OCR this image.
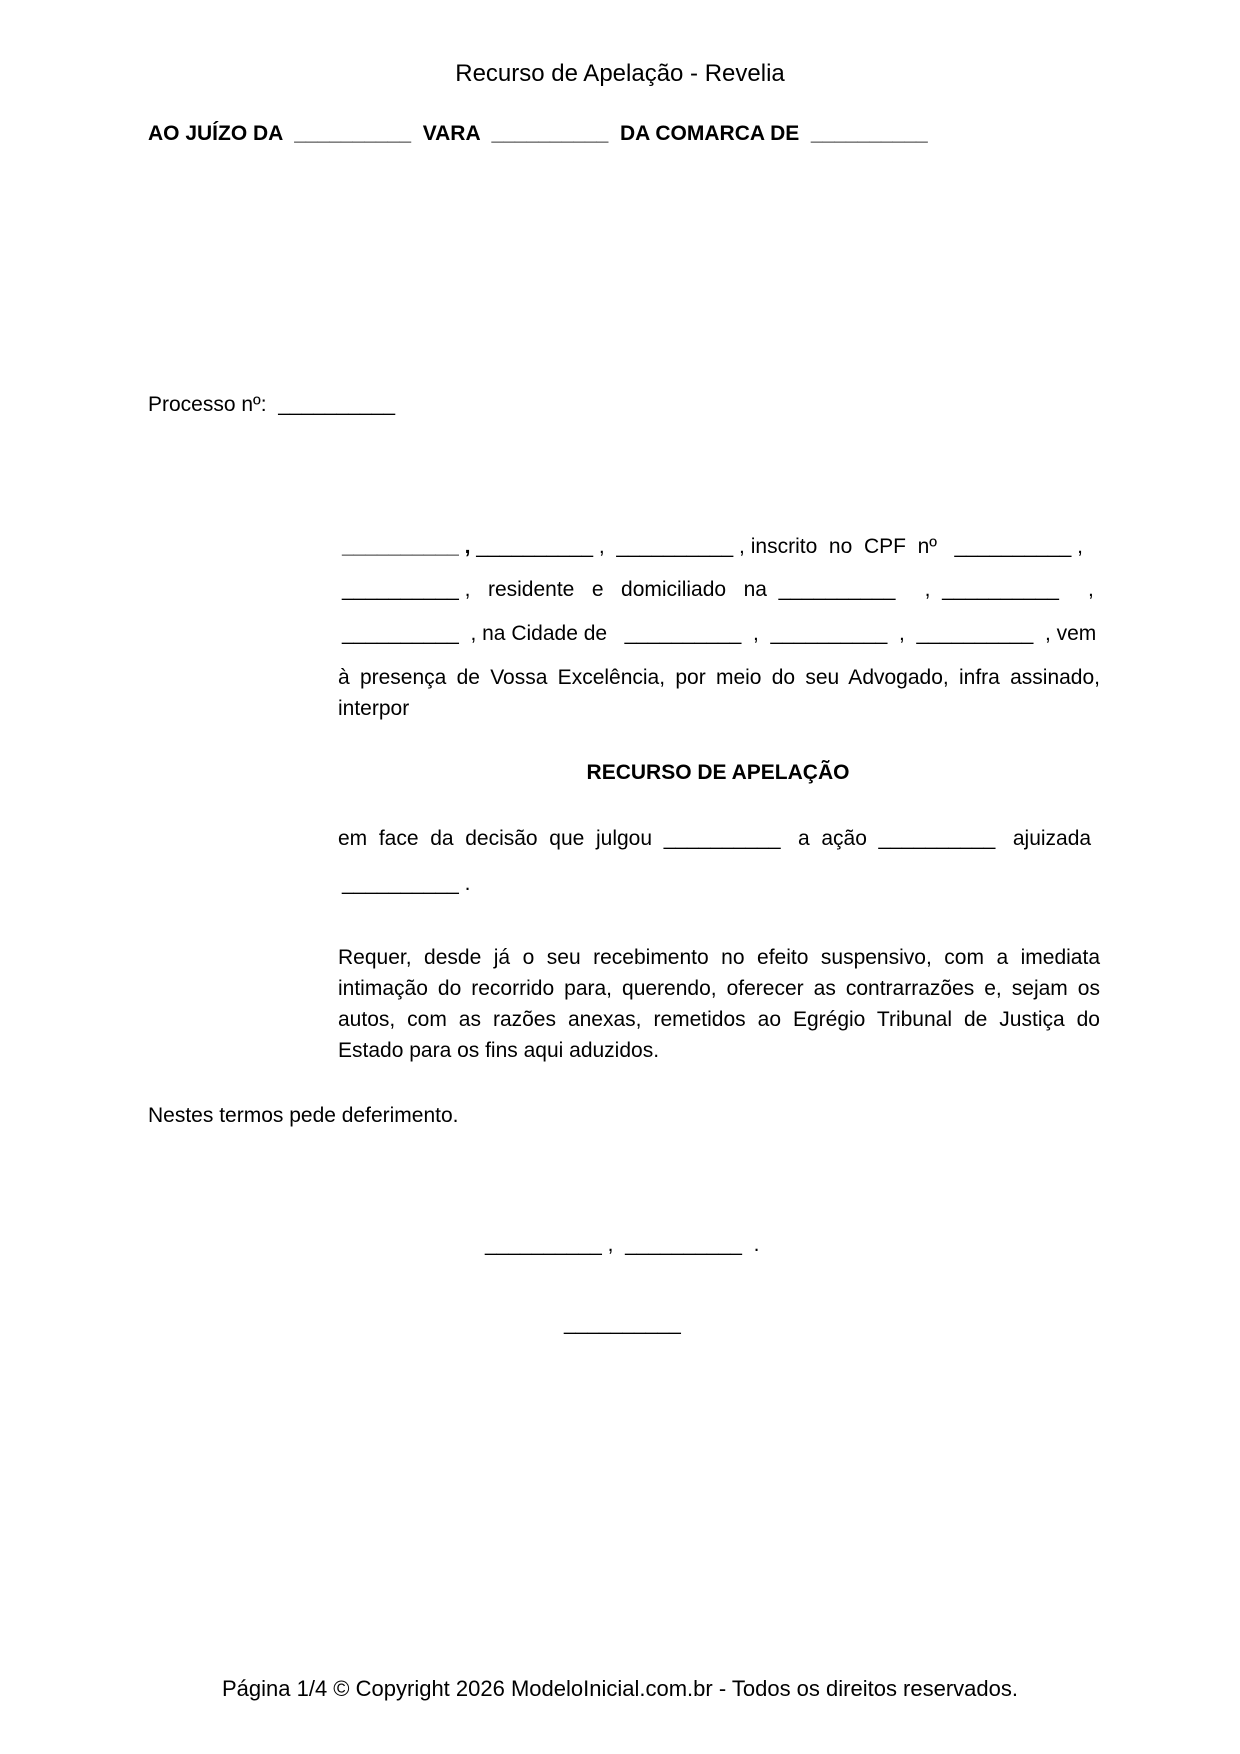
Recurso de Apelação - Revelia
AO JUÍZO DA  __________  VARA  __________  DA COMARCA DE  __________
Processo nº:  __________
__________ , __________ ,  __________ , inscrito  no  CPF  nº   __________ ,
__________ ,   residente   e   domiciliado   na  __________     ,  __________     ,
__________  , na Cidade de   __________  ,  __________  ,  __________  , vem
à presença de Vossa Excelência, por meio do seu Advogado, infra assinado, interpor
RECURSO DE APELAÇÃO
em  face  da  decisão  que  julgou  __________   a  ação  __________   ajuizada
__________ .
Requer, desde já o seu recebimento no efeito suspensivo, com a imediata intimação do recorrido para, querendo, oferecer as contrarrazões e, sejam os autos, com as razões anexas, remetidos ao Egrégio Tribunal de Justiça do Estado para os fins aqui aduzidos.
Nestes termos pede deferimento.
__________ ,  __________  .
__________
Página 1/4 © Copyright 2026 ModeloInicial.com.br - Todos os direitos reservados.
